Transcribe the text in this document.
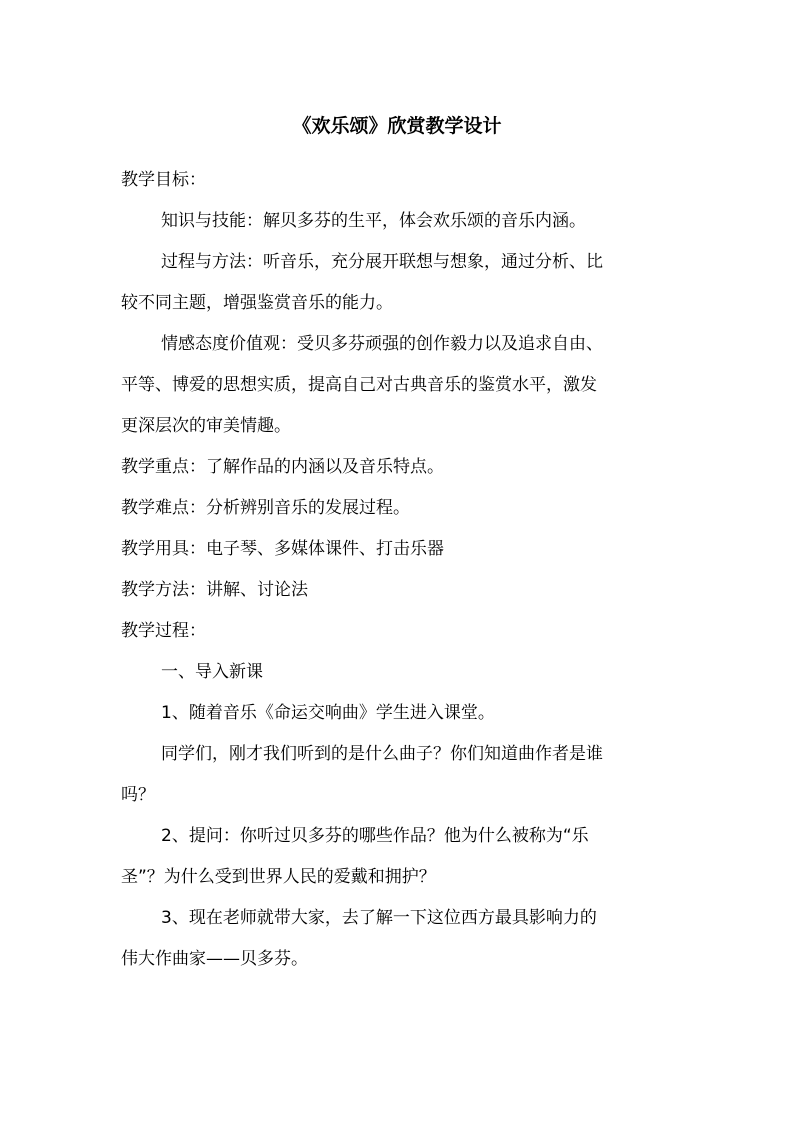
《欢乐颂》欣赏教学设计

教学目标：

知识与技能：解贝多芬的生平，体会欢乐颂的音乐内涵。

过程与方法：听音乐，充分展开联想与想象，通过分析、比

较不同主题，增强鉴赏音乐的能力。

情感态度价值观：受贝多芬顽强的创作毅力以及追求自由、

平等、博爱的思想实质，提高自己对古典音乐的鉴赏水平，激发

更深层次的审美情趣。

教学重点：了解作品的内涵以及音乐特点。

教学难点：分析辨别音乐的发展过程。

教学用具：电子琴、多媒体课件、打击乐器

教学方法：讲解、讨论法

教学过程：

一、导入新课

1、随着音乐《命运交响曲》学生进入课堂。

同学们，刚才我们听到的是什么曲子？你们知道曲作者是谁

吗？

2、提问：你听过贝多芬的哪些作品？他为什么被称为“乐

圣”？为什么受到世界人民的爱戴和拥护？

3、现在老师就带大家，去了解一下这位西方最具影响力的

伟大作曲家——贝多芬。
